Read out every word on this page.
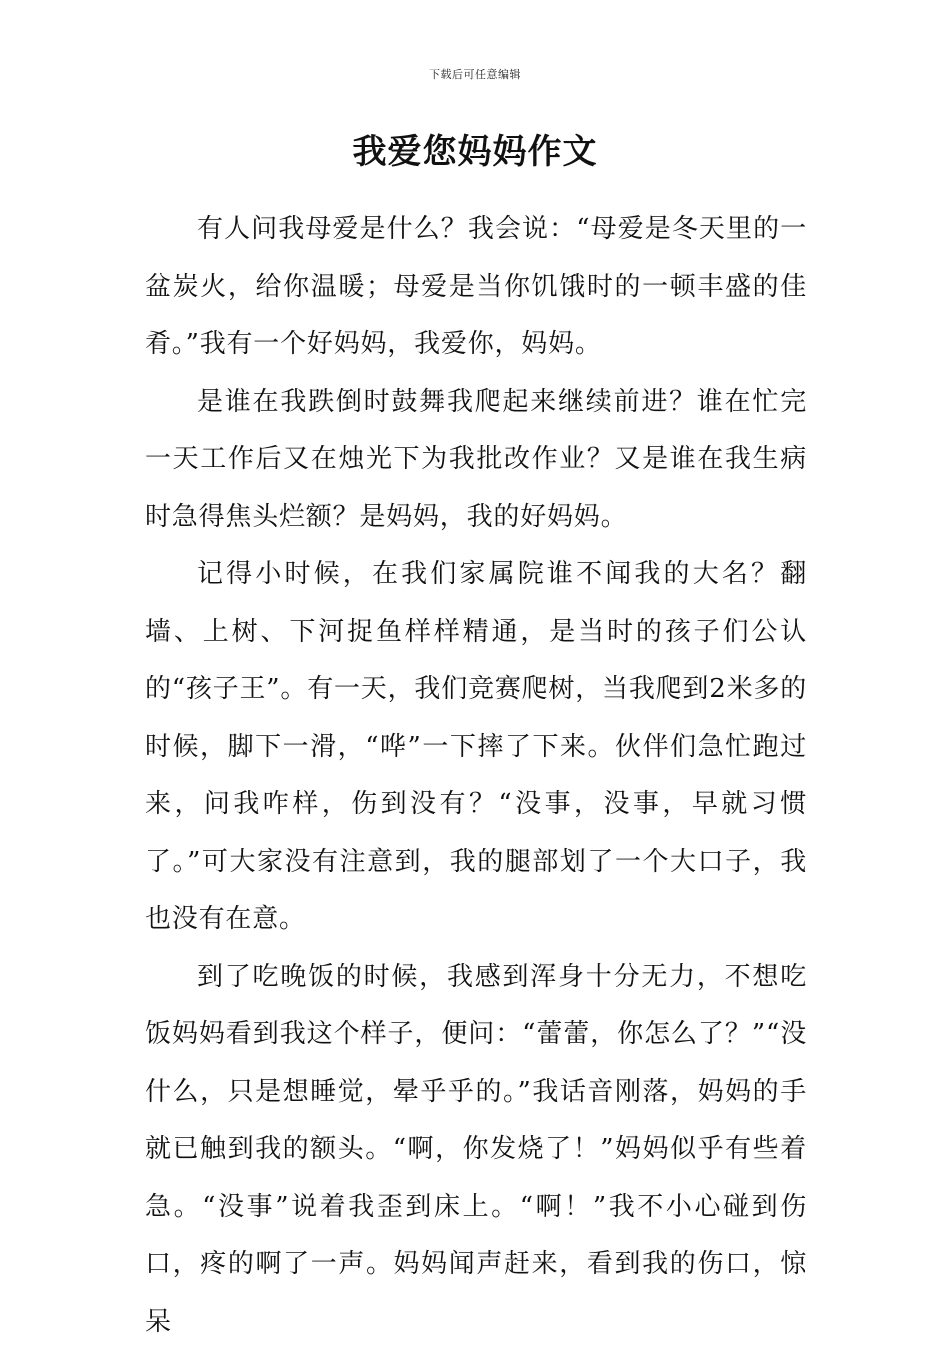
下载后可任意编辑
我爱您妈妈作文

有人问我母爱是什么？我会说：“母爱是冬天里的一盆炭火，给你温暖；母爱是当你饥饿时的一顿丰盛的佳肴。”我有一个好妈妈，我爱你，妈妈。

是谁在我跌倒时鼓舞我爬起来继续前进？谁在忙完一天工作后又在烛光下为我批改作业？又是谁在我生病时急得焦头烂额？是妈妈，我的好妈妈。

记得小时候，在我们家属院谁不闻我的大名？翻墙、上树、下河捉鱼样样精通，是当时的孩子们公认的“孩子王”。有一天，我们竞赛爬树，当我爬到2米多的时候，脚下一滑，“哗”一下摔了下来。伙伴们急忙跑过来，问我咋样，伤到没有？“没事，没事，早就习惯了。”可大家没有注意到，我的腿部划了一个大口子，我也没有在意。

到了吃晚饭的时候，我感到浑身十分无力，不想吃饭妈妈看到我这个样子，便问：“蕾蕾，你怎么了？”“没什么，只是想睡觉，晕乎乎的。”我话音刚落，妈妈的手就已触到我的额头。“啊，你发烧了！”妈妈似乎有些着急。“没事”说着我歪到床上。“啊！”我不小心碰到伤口，疼的啊了一声。妈妈闻声赶来，看到我的伤口，惊呆
